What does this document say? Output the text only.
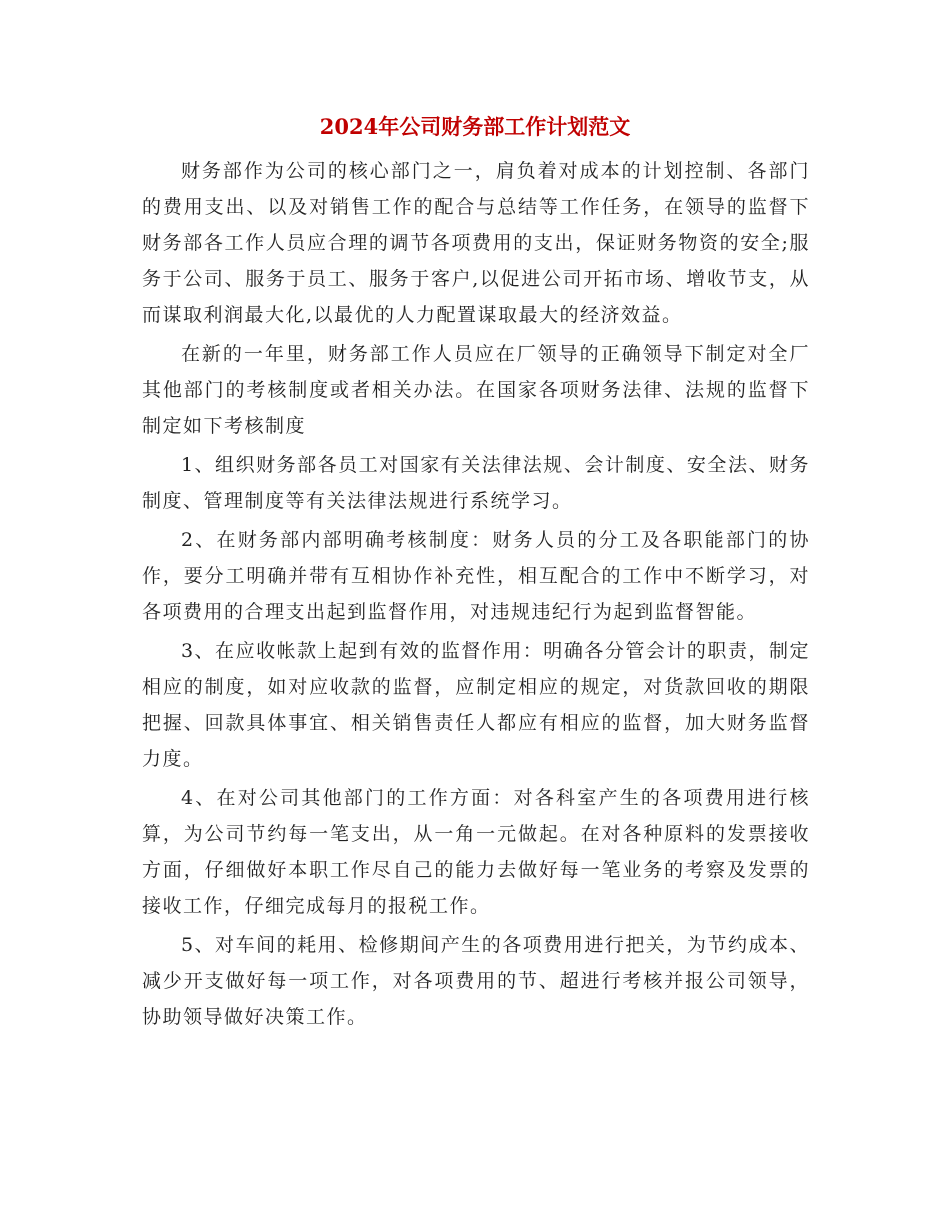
2024年公司财务部工作计划范文

财务部作为公司的核心部门之一，肩负着对成本的计划控制、各部门的费用支出、以及对销售工作的配合与总结等工作任务，在领导的监督下财务部各工作人员应合理的调节各项费用的支出，保证财务物资的安全;服务于公司、服务于员工、服务于客户,以促进公司开拓市场、增收节支，从而谋取利润最大化,以最优的人力配置谋取最大的经济效益。

在新的一年里，财务部工作人员应在厂领导的正确领导下制定对全厂其他部门的考核制度或者相关办法。在国家各项财务法律、法规的监督下制定如下考核制度

1、组织财务部各员工对国家有关法律法规、会计制度、安全法、财务制度、管理制度等有关法律法规进行系统学习。

2、在财务部内部明确考核制度：财务人员的分工及各职能部门的协作，要分工明确并带有互相协作补充性，相互配合的工作中不断学习，对各项费用的合理支出起到监督作用，对违规违纪行为起到监督智能。

3、在应收帐款上起到有效的监督作用：明确各分管会计的职责，制定相应的制度，如对应收款的监督，应制定相应的规定，对货款回收的期限把握、回款具体事宜、相关销售责任人都应有相应的监督，加大财务监督力度。

4、在对公司其他部门的工作方面：对各科室产生的各项费用进行核算，为公司节约每一笔支出，从一角一元做起。在对各种原料的发票接收方面，仔细做好本职工作尽自己的能力去做好每一笔业务的考察及发票的接收工作，仔细完成每月的报税工作。

5、对车间的耗用、检修期间产生的各项费用进行把关，为节约成本、减少开支做好每一项工作，对各项费用的节、超进行考核并报公司领导，协助领导做好决策工作。
